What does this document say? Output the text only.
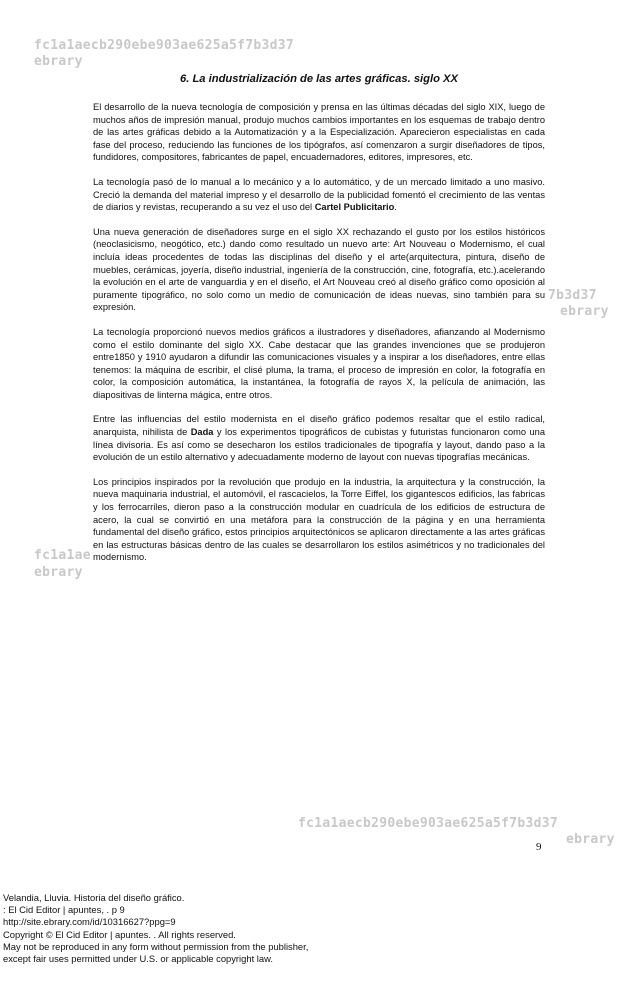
fc1a1aecb290ebe903ae625a5f7b3d37
ebrary
7b3d37
ebrary
fc1a1ae
ebrary
fc1a1aecb290ebe903ae625a5f7b3d37
ebrary
6. La industrialización de las artes gráficas. siglo XX

El desarrollo de la nueva tecnología de composición y prensa en las últimas décadas del siglo XIX, luego de muchos años de impresión manual, produjo muchos cambios importantes en los esquemas de trabajo dentro de las artes gráficas debido a la Automatización y a la Especialización. Aparecieron especialistas en cada fase del proceso, reduciendo las funciones de los tipógrafos, así comenzaron a surgir diseñadores de tipos, fundidores, compositores, fabricantes de papel, encuadernadores, editores, impresores, etc.

La tecnología pasó de lo manual a lo mecánico y a lo automático, y de un mercado limitado a uno masivo. Creció la demanda del material impreso y el desarrollo de la publicidad fomentó el crecimiento de las ventas de diarios y revistas, recuperando a su vez el uso del Cartel Publicitario.

Una nueva generación de diseñadores surge en el siglo XX rechazando el gusto por los estilos históricos (neoclasicismo, neogótico, etc.) dando como resultado un nuevo arte: Art Nouveau o Modernismo, el cual incluía ideas procedentes de todas las disciplinas del diseño y el arte(arquitectura, pintura, diseño de muebles, cerámicas, joyería, diseño industrial, ingeniería de la construcción, cine, fotografía, etc.).acelerando la evolución en el arte de vanguardia y en el diseño, el Art Nouveau creó al diseño gráfico como oposición al puramente tipográfico, no solo como un medio de comunicación de ideas nuevas, sino también para su expresión.

La tecnología proporcionó nuevos medios gráficos a ilustradores y diseñadores, afianzando al Modernismo como el estilo dominante del siglo XX. Cabe destacar que las grandes invenciones que se produjeron entre1850 y 1910 ayudaron a difundir las comunicaciones visuales y a inspirar a los diseñadores, entre ellas tenemos: la máquina de escribir, el clisé pluma, la trama, el proceso de impresión en color, la fotografía en color, la composición automática, la instantánea, la fotografía de rayos X, la película de animación, las diapositivas de linterna mágica, entre otros.

Entre las influencias del estilo modernista en el diseño gráfico podemos resaltar que el estilo radical, anarquista, nihilista de Dada y los experimentos tipográficos de cubistas y futuristas funcionaron como una línea divisoria. Es así como se desecharon los estilos tradicionales de tipografía y layout, dando paso a la evolución de un estilo alternativo y adecuadamente moderno de layout con nuevas tipografías mecánicas.

Los principios inspirados por la revolución que produjo en la industria, la arquitectura y la construcción, la nueva maquinaria industrial, el automóvil, el rascacielos, la Torre Eiffel, los gigantescos edificios, las fabricas y los ferrocarriles, dieron paso a la construcción modular en cuadrícula de los edificios de estructura de acero, la cual se convirtió en una metáfora para la construcción de la página y en una herramienta fundamental del diseño gráfico, estos principios arquitectónicos se aplicaron directamente a las artes gráficas en las estructuras básicas dentro de las cuales se desarrollaron los estilos asimétricos y no tradicionales del modernismo.

9
Velandia, Lluvia. Historia del diseño gráfico.
: El Cid Editor | apuntes, . p 9
http://site.ebrary.com/id/10316627?ppg=9
Copyright © El Cid Editor | apuntes. . All rights reserved.
May not be reproduced in any form without permission from the publisher,
except fair uses permitted under U.S. or applicable copyright law.
